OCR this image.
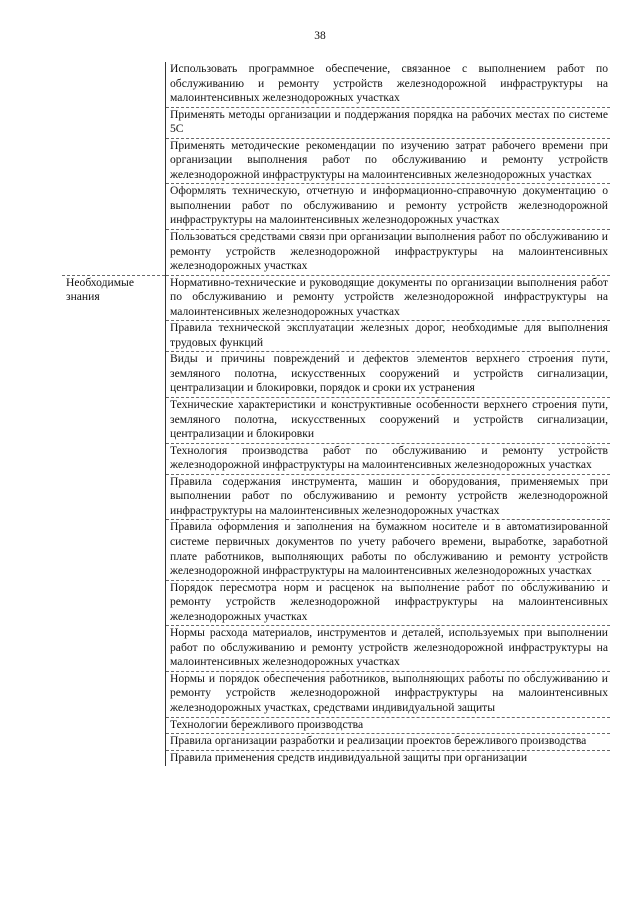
38
	Использовать программное обеспечение, связанное с выполнением работ по обслуживанию и ремонту устройств железнодорожной инфраструктуры на малоинтенсивных железнодорожных участках
	Применять методы организации и поддержания порядка на рабочих местах по системе 5С
	Применять методические рекомендации по изучению затрат рабочего времени при организации выполнения работ по обслуживанию и ремонту устройств железнодорожной инфраструктуры на малоинтенсивных железнодорожных участках
	Оформлять техническую, отчетную и информационно-справочную документацию о выполнении работ по обслуживанию и ремонту устройств железнодорожной инфраструктуры на малоинтенсивных железнодорожных участках
	Пользоваться средствами связи при организации выполнения работ по обслуживанию и ремонту устройств железнодорожной инфраструктуры на малоинтенсивных железнодорожных участках
Необходимые знания	Нормативно-технические и руководящие документы по организации выполнения работ по обслуживанию и ремонту устройств железнодорожной инфраструктуры на малоинтенсивных железнодорожных участках
	Правила технической эксплуатации железных дорог, необходимые для выполнения трудовых функций
	Виды и причины повреждений и дефектов элементов верхнего строения пути, земляного полотна, искусственных сооружений и устройств сигнализации, централизации и блокировки, порядок и сроки их устранения
	Технические характеристики и конструктивные особенности верхнего строения пути, земляного полотна, искусственных сооружений и устройств сигнализации, централизации и блокировки
	Технология производства работ по обслуживанию и ремонту устройств железнодорожной инфраструктуры на малоинтенсивных железнодорожных участках
	Правила содержания инструмента, машин и оборудования, применяемых при выполнении работ по обслуживанию и ремонту устройств железнодорожной инфраструктуры на малоинтенсивных железнодорожных участках
	Правила оформления и заполнения на бумажном носителе и в автоматизированной системе первичных документов по учету рабочего времени, выработке, заработной плате работников, выполняющих работы по обслуживанию и ремонту устройств железнодорожной инфраструктуры на малоинтенсивных железнодорожных участках
	Порядок пересмотра норм и расценок на выполнение работ по обслуживанию и ремонту устройств железнодорожной инфраструктуры на малоинтенсивных железнодорожных участках
	Нормы расхода материалов, инструментов и деталей, используемых при выполнении работ по обслуживанию и ремонту устройств железнодорожной инфраструктуры на малоинтенсивных железнодорожных участках
	Нормы и порядок обеспечения работников, выполняющих работы по обслуживанию и ремонту устройств железнодорожной инфраструктуры на малоинтенсивных железнодорожных участках, средствами индивидуальной защиты
	Технологии бережливого производства
	Правила организации разработки и реализации проектов бережливого производства
	Правила применения средств индивидуальной защиты при организации
